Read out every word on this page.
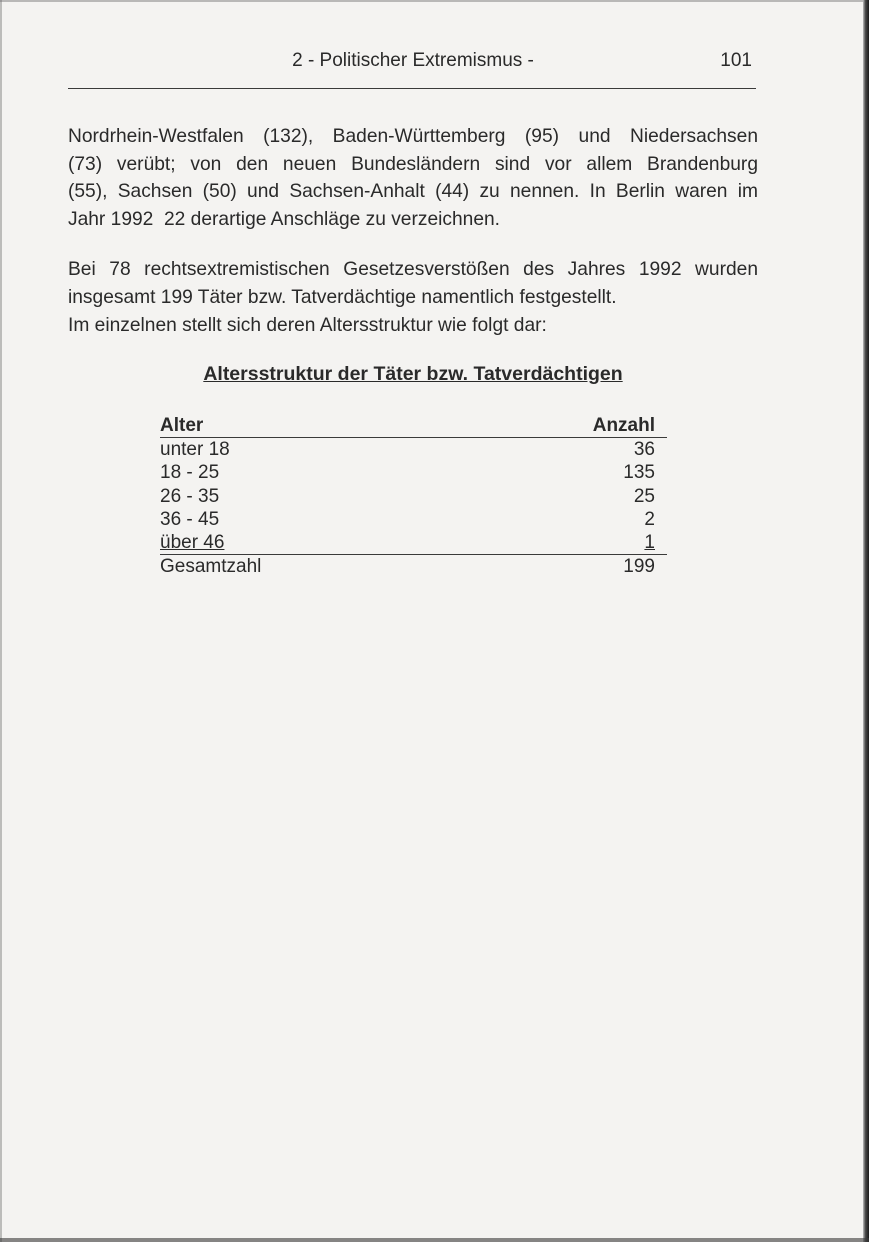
2 - Politischer Extremismus -	101

Nordrhein-Westfalen (132), Baden-Württemberg (95) und Niedersachsen
(73) verübt; von den neuen Bundesländern sind vor allem Brandenburg
(55), Sachsen (50) und Sachsen-Anhalt (44) zu nennen. In Berlin waren im
Jahr 1992  22 derartige Anschläge zu verzeichnen.

Bei 78 rechtsextremistischen Gesetzesverstößen des Jahres 1992 wurden
insgesamt 199 Täter bzw. Tatverdächtige namentlich festgestellt.

Im einzelnen stellt sich deren Altersstruktur wie folgt dar:

Altersstruktur der Täter bzw. Tatverdächtigen
Alter	Anzahl
unter 18	36
18 - 25	135
26 - 35	25
36 - 45	2
über 46	1
Gesamtzahl	199
